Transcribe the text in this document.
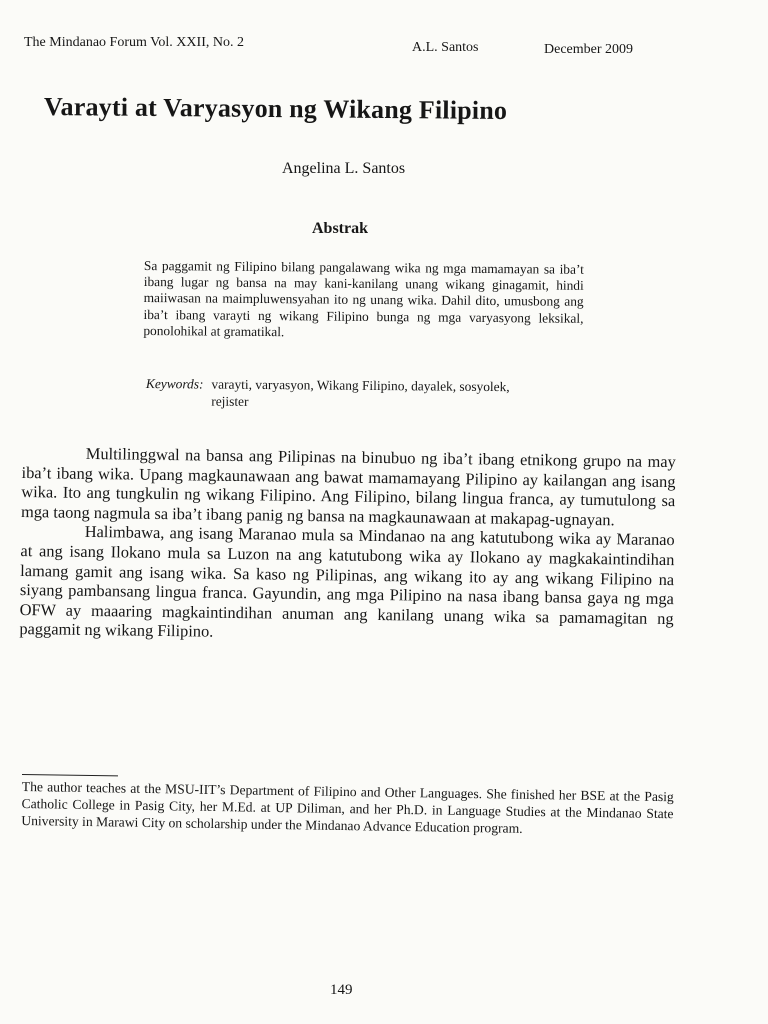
The Mindanao Forum Vol. XXII, No. 2	A.L. Santos	December 2009
Varayti at Varyasyon ng Wikang Filipino
Angelina L. Santos
Abstrak

Sa paggamit ng Filipino bilang pangalawang wika ng mga mamamayan sa iba’t ibang lugar ng bansa na may kani-kanilang unang wikang ginagamit, hindi maiiwasan na maimpluwensyahan ito ng unang wika. Dahil dito, umusbong ang iba’t ibang varayti ng wikang Filipino bunga ng mga varyasyong leksikal, ponolohikal at gramatikal.

Keywords: varayti, varyasyon, Wikang Filipino, dayalek, sosyolek, rejister

Multilinggwal na bansa ang Pilipinas na binubuo ng iba’t ibang etnikong grupo na may iba’t ibang wika. Upang magkaunawaan ang bawat mamamayang Pilipino ay kailangan ang isang wika. Ito ang tungkulin ng wikang Filipino. Ang Filipino, bilang lingua franca, ay tumutulong sa mga taong nagmula sa iba’t ibang panig ng bansa na magkaunawaan at makapag-ugnayan.

Halimbawa, ang isang Maranao mula sa Mindanao na ang katutubong wika ay Maranao at ang isang Ilokano mula sa Luzon na ang katutubong wika ay Ilokano ay magkakaintindihan lamang gamit ang isang wika. Sa kaso ng Pilipinas, ang wikang ito ay ang wikang Filipino na siyang pambansang lingua franca. Gayundin, ang mga Pilipino na nasa ibang bansa gaya ng mga OFW ay maaaring magkaintindihan anuman ang kanilang unang wika sa pamamagitan ng paggamit ng wikang Filipino.

The author teaches at the MSU-IIT’s Department of Filipino and Other Languages. She finished her BSE at the Pasig Catholic College in Pasig City, her M.Ed. at UP Diliman, and her Ph.D. in Language Studies at the Mindanao State University in Marawi City on scholarship under the Mindanao Advance Education program.

149
